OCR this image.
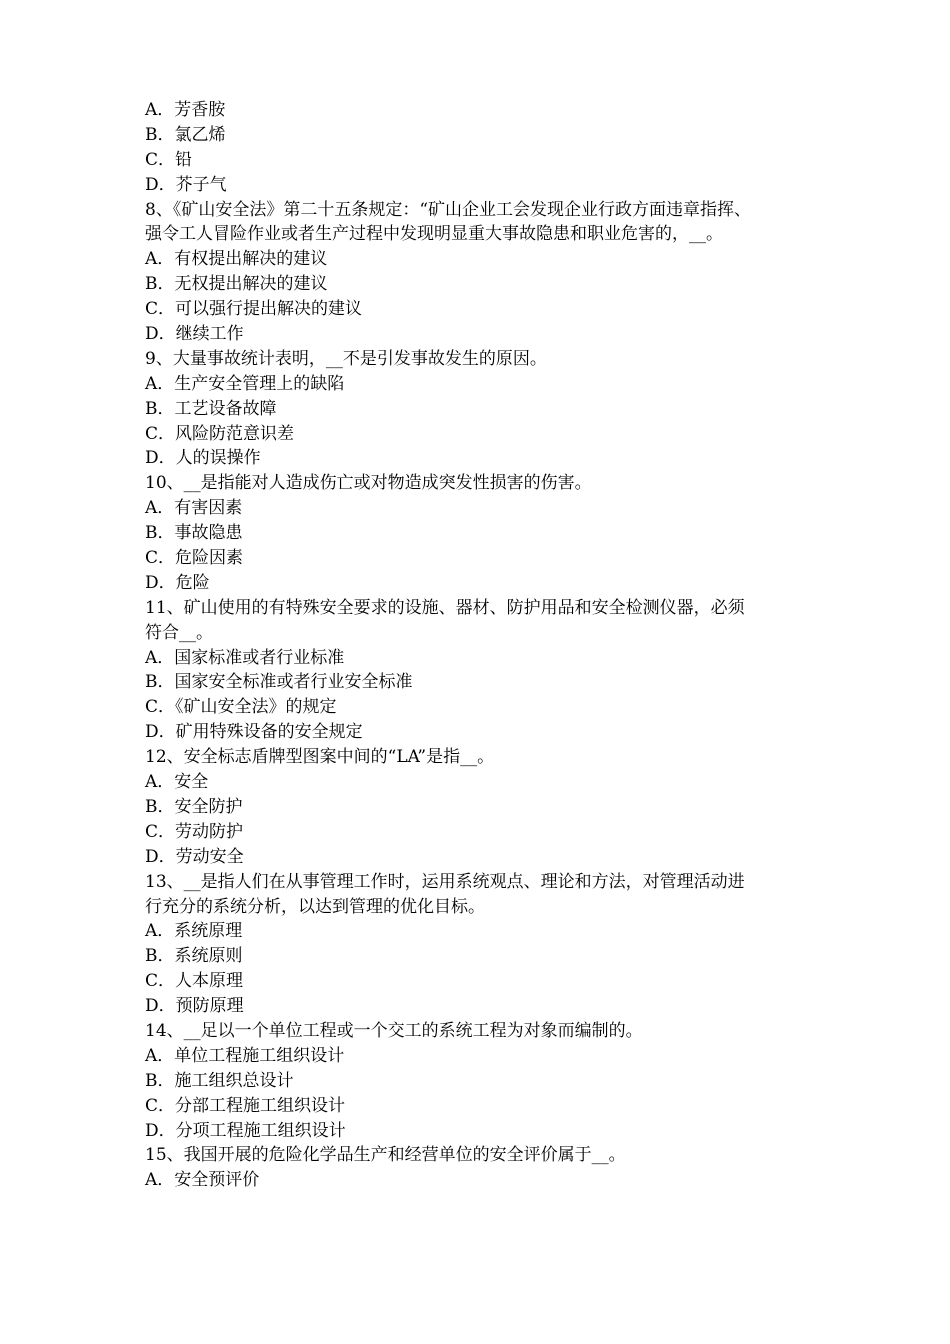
A．芳香胺
B．氯乙烯
C．铅
D．芥子气
8、《矿山安全法》第二十五条规定：“矿山企业工会发现企业行政方面违章指挥、
强令工人冒险作业或者生产过程中发现明显重大事故隐患和职业危害的，__。
A．有权提出解决的建议
B．无权提出解决的建议
C．可以强行提出解决的建议
D．继续工作
9、大量事故统计表明，__不是引发事故发生的原因。
A．生产安全管理上的缺陷
B．工艺设备故障
C．风险防范意识差
D．人的误操作
10、__是指能对人造成伤亡或对物造成突发性损害的伤害。
A．有害因素
B．事故隐患
C．危险因素
D．危险
11、矿山使用的有特殊安全要求的设施、器材、防护用品和安全检测仪器，必须
符合__。
A．国家标准或者行业标准
B．国家安全标准或者行业安全标准
C．《矿山安全法》的规定
D．矿用特殊设备的安全规定
12、安全标志盾牌型图案中间的“LA”是指__。
A．安全
B．安全防护
C．劳动防护
D．劳动安全
13、__是指人们在从事管理工作时，运用系统观点、理论和方法，对管理活动进
行充分的系统分析，以达到管理的优化目标。
A．系统原理
B．系统原则
C．人本原理
D．预防原理
14、__足以一个单位工程或一个交工的系统工程为对象而编制的。
A．单位工程施工组织设计
B．施工组织总设计
C．分部工程施工组织设计
D．分项工程施工组织设计
15、我国开展的危险化学品生产和经营单位的安全评价属于__。
A．安全预评价
